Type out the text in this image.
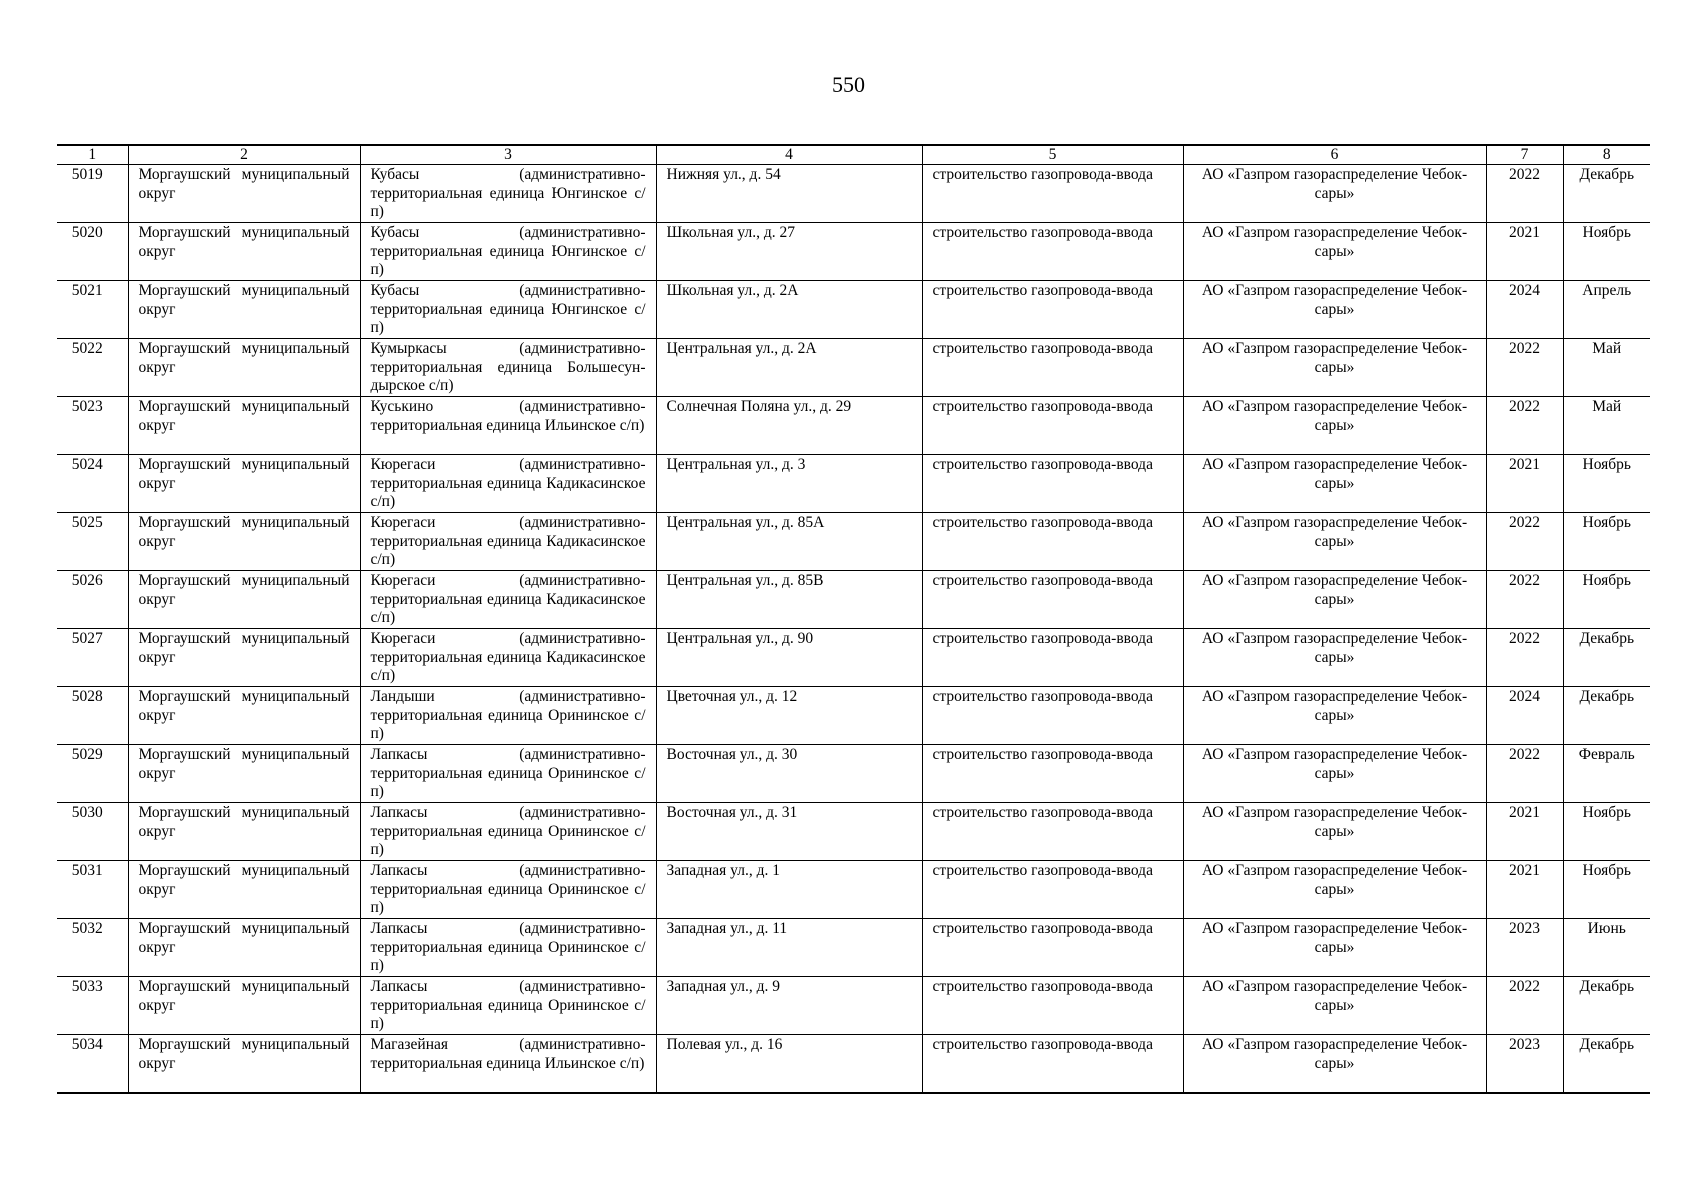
550
1	2	3	4	5	6	7	8
5019	Моргаушский муниципальный округ	Кубасы (административно-территориальная единица Юнгинское с/п)	Нижняя ул., д. 54	строительство газопровода-ввода	АО «Газпром газораспределение Чебоксары»	2022	Декабрь
5020	Моргаушский муниципальный округ	Кубасы (административно-территориальная единица Юнгинское с/п)	Школьная ул., д. 27	строительство газопровода-ввода	АО «Газпром газораспределение Чебоксары»	2021	Ноябрь
5021	Моргаушский муниципальный округ	Кубасы (административно-территориальная единица Юнгинское с/п)	Школьная ул., д. 2А	строительство газопровода-ввода	АО «Газпром газораспределение Чебоксары»	2024	Апрель
5022	Моргаушский муниципальный округ	Кумыркасы (административно-территориальная единица Большесундырское с/п)	Центральная ул., д. 2А	строительство газопровода-ввода	АО «Газпром газораспределение Чебоксары»	2022	Май
5023	Моргаушский муниципальный округ	Куськино (административно-территориальная единица Ильинское с/п)	Солнечная Поляна ул., д. 29	строительство газопровода-ввода	АО «Газпром газораспределение Чебоксары»	2022	Май
5024	Моргаушский муниципальный округ	Кюрегаси (административно-территориальная единица Кадикасинское с/п)	Центральная ул., д. 3	строительство газопровода-ввода	АО «Газпром газораспределение Чебоксары»	2021	Ноябрь
5025	Моргаушский муниципальный округ	Кюрегаси (административно-территориальная единица Кадикасинское с/п)	Центральная ул., д. 85А	строительство газопровода-ввода	АО «Газпром газораспределение Чебоксары»	2022	Ноябрь
5026	Моргаушский муниципальный округ	Кюрегаси (административно-территориальная единица Кадикасинское с/п)	Центральная ул., д. 85В	строительство газопровода-ввода	АО «Газпром газораспределение Чебоксары»	2022	Ноябрь
5027	Моргаушский муниципальный округ	Кюрегаси (административно-территориальная единица Кадикасинское с/п)	Центральная ул., д. 90	строительство газопровода-ввода	АО «Газпром газораспределение Чебоксары»	2022	Декабрь
5028	Моргаушский муниципальный округ	Ландыши (административно-территориальная единица Орининское с/п)	Цветочная ул., д. 12	строительство газопровода-ввода	АО «Газпром газораспределение Чебоксары»	2024	Декабрь
5029	Моргаушский муниципальный округ	Лапкасы (административно-территориальная единица Орининское с/п)	Восточная ул., д. 30	строительство газопровода-ввода	АО «Газпром газораспределение Чебоксары»	2022	Февраль
5030	Моргаушский муниципальный округ	Лапкасы (административно-территориальная единица Орининское с/п)	Восточная ул., д. 31	строительство газопровода-ввода	АО «Газпром газораспределение Чебоксары»	2021	Ноябрь
5031	Моргаушский муниципальный округ	Лапкасы (административно-территориальная единица Орининское с/п)	Западная ул., д. 1	строительство газопровода-ввода	АО «Газпром газораспределение Чебоксары»	2021	Ноябрь
5032	Моргаушский муниципальный округ	Лапкасы (административно-территориальная единица Орининское с/п)	Западная ул., д. 11	строительство газопровода-ввода	АО «Газпром газораспределение Чебоксары»	2023	Июнь
5033	Моргаушский муниципальный округ	Лапкасы (административно-территориальная единица Орининское с/п)	Западная ул., д. 9	строительство газопровода-ввода	АО «Газпром газораспределение Чебоксары»	2022	Декабрь
5034	Моргаушский муниципальный округ	Магазейная (административно-территориальная единица Ильинское с/п)	Полевая ул., д. 16	строительство газопровода-ввода	АО «Газпром газораспределение Чебоксары»	2023	Декабрь
